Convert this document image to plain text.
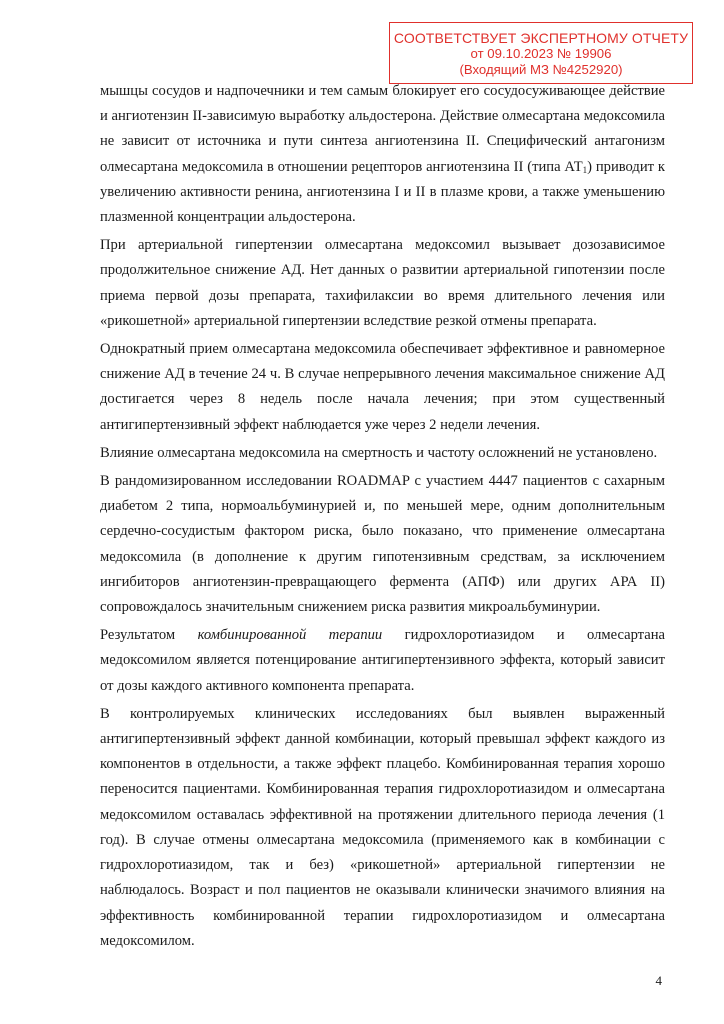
СООТВЕТСТВУЕТ ЭКСПЕРТНОМУ ОТЧЕТУ
от 09.10.2023 № 19906
(Входящий МЗ №4252920)

мышцы сосудов и надпочечники и тем самым блокирует его сосудосуживающее действие и ангиотензин II-зависимую выработку альдостерона. Действие олмесартана медоксомила не зависит от источника и пути синтеза ангиотензина II. Специфический антагонизм олмесартана медоксомила в отношении рецепторов ангиотензина II (типа $АТ_1$) приводит к увеличению активности ренина, ангиотензина I и II в плазме крови, а также уменьшению плазменной концентрации альдостерона.

При артериальной гипертензии олмесартана медоксомил вызывает дозозависимое продолжительное снижение АД. Нет данных о развитии артериальной гипотензии после приема первой дозы препарата, тахифилаксии во время длительного лечения или «рикошетной» артериальной гипертензии вследствие резкой отмены препарата.

Однократный прием олмесартана медоксомила обеспечивает эффективное и равномерное снижение АД в течение 24 ч. В случае непрерывного лечения максимальное снижение АД достигается через 8 недель после начала лечения; при этом существенный антигипертензивный эффект наблюдается уже через 2 недели лечения.

Влияние олмесартана медоксомила на смертность и частоту осложнений не установлено.

В рандомизированном исследовании ROADMAP с участием 4447 пациентов с сахарным диабетом 2 типа, нормоальбуминурией и, по меньшей мере, одним дополнительным сердечно-сосудистым фактором риска, было показано, что применение олмесартана медоксомила (в дополнение к другим гипотензивным средствам, за исключением ингибиторов ангиотензин-превращающего фермента (АПФ) или других АРА II) сопровождалось значительным снижением риска развития микроальбуминурии.

Результатом комбинированной терапии гидрохлоротиазидом и олмесартана медоксомилом является потенцирование антигипертензивного эффекта, который зависит от дозы каждого активного компонента препарата.

В контролируемых клинических исследованиях был выявлен выраженный антигипертензивный эффект данной комбинации, который превышал эффект каждого из компонентов в отдельности, а также эффект плацебо. Комбинированная терапия хорошо переносится пациентами. Комбинированная терапия гидрохлоротиазидом и олмесартана медоксомилом оставалась эффективной на протяжении длительного периода лечения (1 год). В случае отмены олмесартана медоксомила (применяемого как в комбинации с гидрохлоротиазидом, так и без) «рикошетной» артериальной гипертензии не наблюдалось. Возраст и пол пациентов не оказывали клинически значимого влияния на эффективность комбинированной терапии гидрохлоротиазидом и олмесартана медоксомилом.

4
